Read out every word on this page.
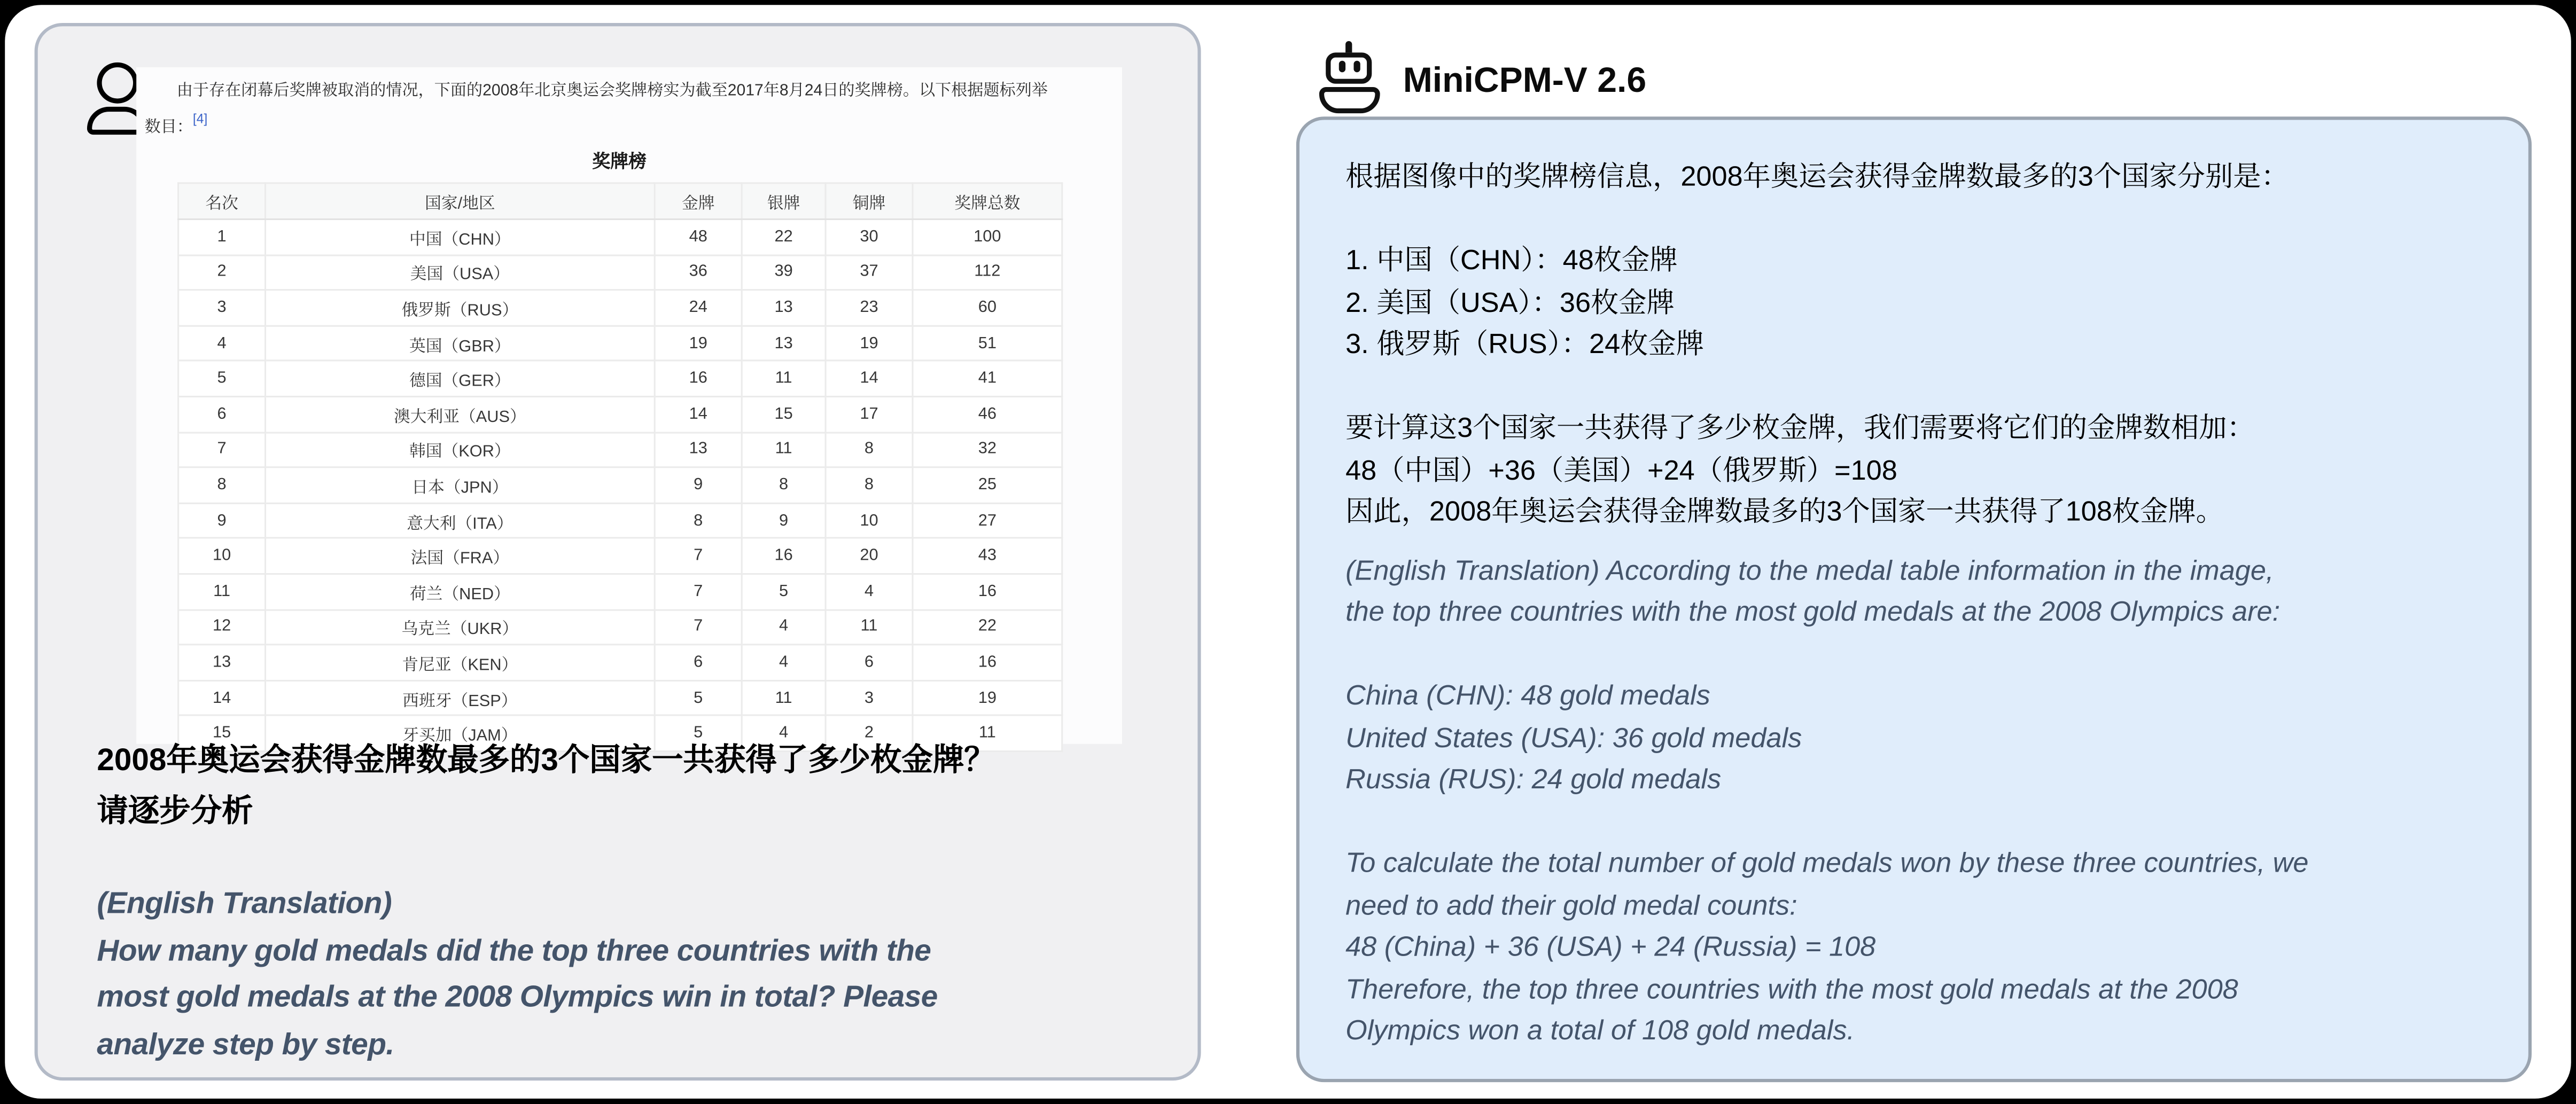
由于存在闭幕后奖牌被取消的情况，下面的2008年北京奥运会奖牌榜实为截至2017年8月24日的奖牌榜。以下根据题标列举
数目：[4]
奖牌榜
名次	国家/地区	金牌	银牌	铜牌	奖牌总数
1	中国（CHN）	48	22	30	100
2	美国（USA）	36	39	37	112
3	俄罗斯（RUS）	24	13	23	60
4	英国（GBR）	19	13	19	51
5	德国（GER）	16	11	14	41
6	澳大利亚（AUS）	14	15	17	46
7	韩国（KOR）	13	11	8	32
8	日本（JPN）	9	8	8	25
9	意大利（ITA）	8	9	10	27
10	法国（FRA）	7	16	20	43
11	荷兰（NED）	7	5	4	16
12	乌克兰（UKR）	7	4	11	22
13	肯尼亚（KEN）	6	4	6	16
14	西班牙（ESP）	5	11	3	19
15	牙买加（JAM）	5	4	2	11
2008年奥运会获得金牌数最多的3个国家一共获得了多少枚金牌？
请逐步分析
(English Translation)
How many gold medals did the top three countries with the
most gold medals at the 2008 Olympics win in total? Please
analyze step by step.
MiniCPM-V 2.6
根据图像中的奖牌榜信息，2008年奥运会获得金牌数最多的3个国家分别是：
1. 中国（CHN）：48枚金牌
2. 美国（USA）：36枚金牌
3. 俄罗斯（RUS）：24枚金牌
要计算这3个国家一共获得了多少枚金牌，我们需要将它们的金牌数相加：
48（中国）+36（美国）+24（俄罗斯）=108
因此，2008年奥运会获得金牌数最多的3个国家一共获得了108枚金牌。
(English Translation) According to the medal table information in the image,
the top three countries with the most gold medals at the 2008 Olympics are:
China (CHN): 48 gold medals
United States (USA): 36 gold medals
Russia (RUS): 24 gold medals
To calculate the total number of gold medals won by these three countries, we
need to add their gold medal counts:
48 (China) + 36 (USA) + 24 (Russia) = 108
Therefore, the top three countries with the most gold medals at the 2008
Olympics won a total of 108 gold medals.
